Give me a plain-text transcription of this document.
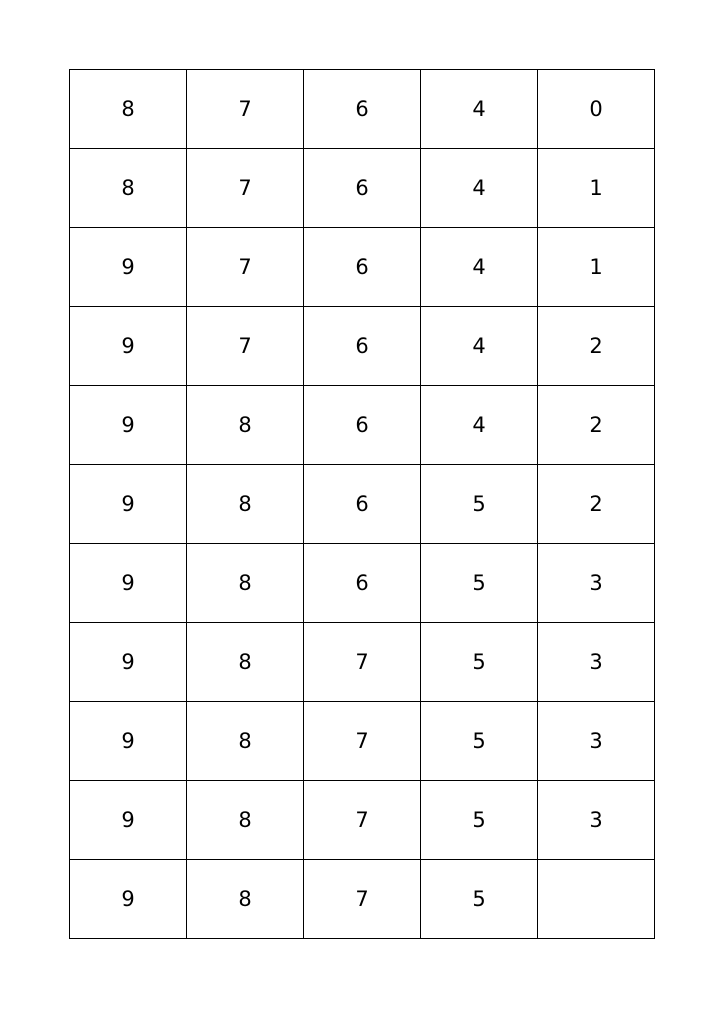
8	7	6	4	0
8	7	6	4	1
9	7	6	4	1
9	7	6	4	2
9	8	6	4	2
9	8	6	5	2
9	8	6	5	3
9	8	7	5	3
9	8	7	5	3
9	8	7	5	3
9	8	7	5	
